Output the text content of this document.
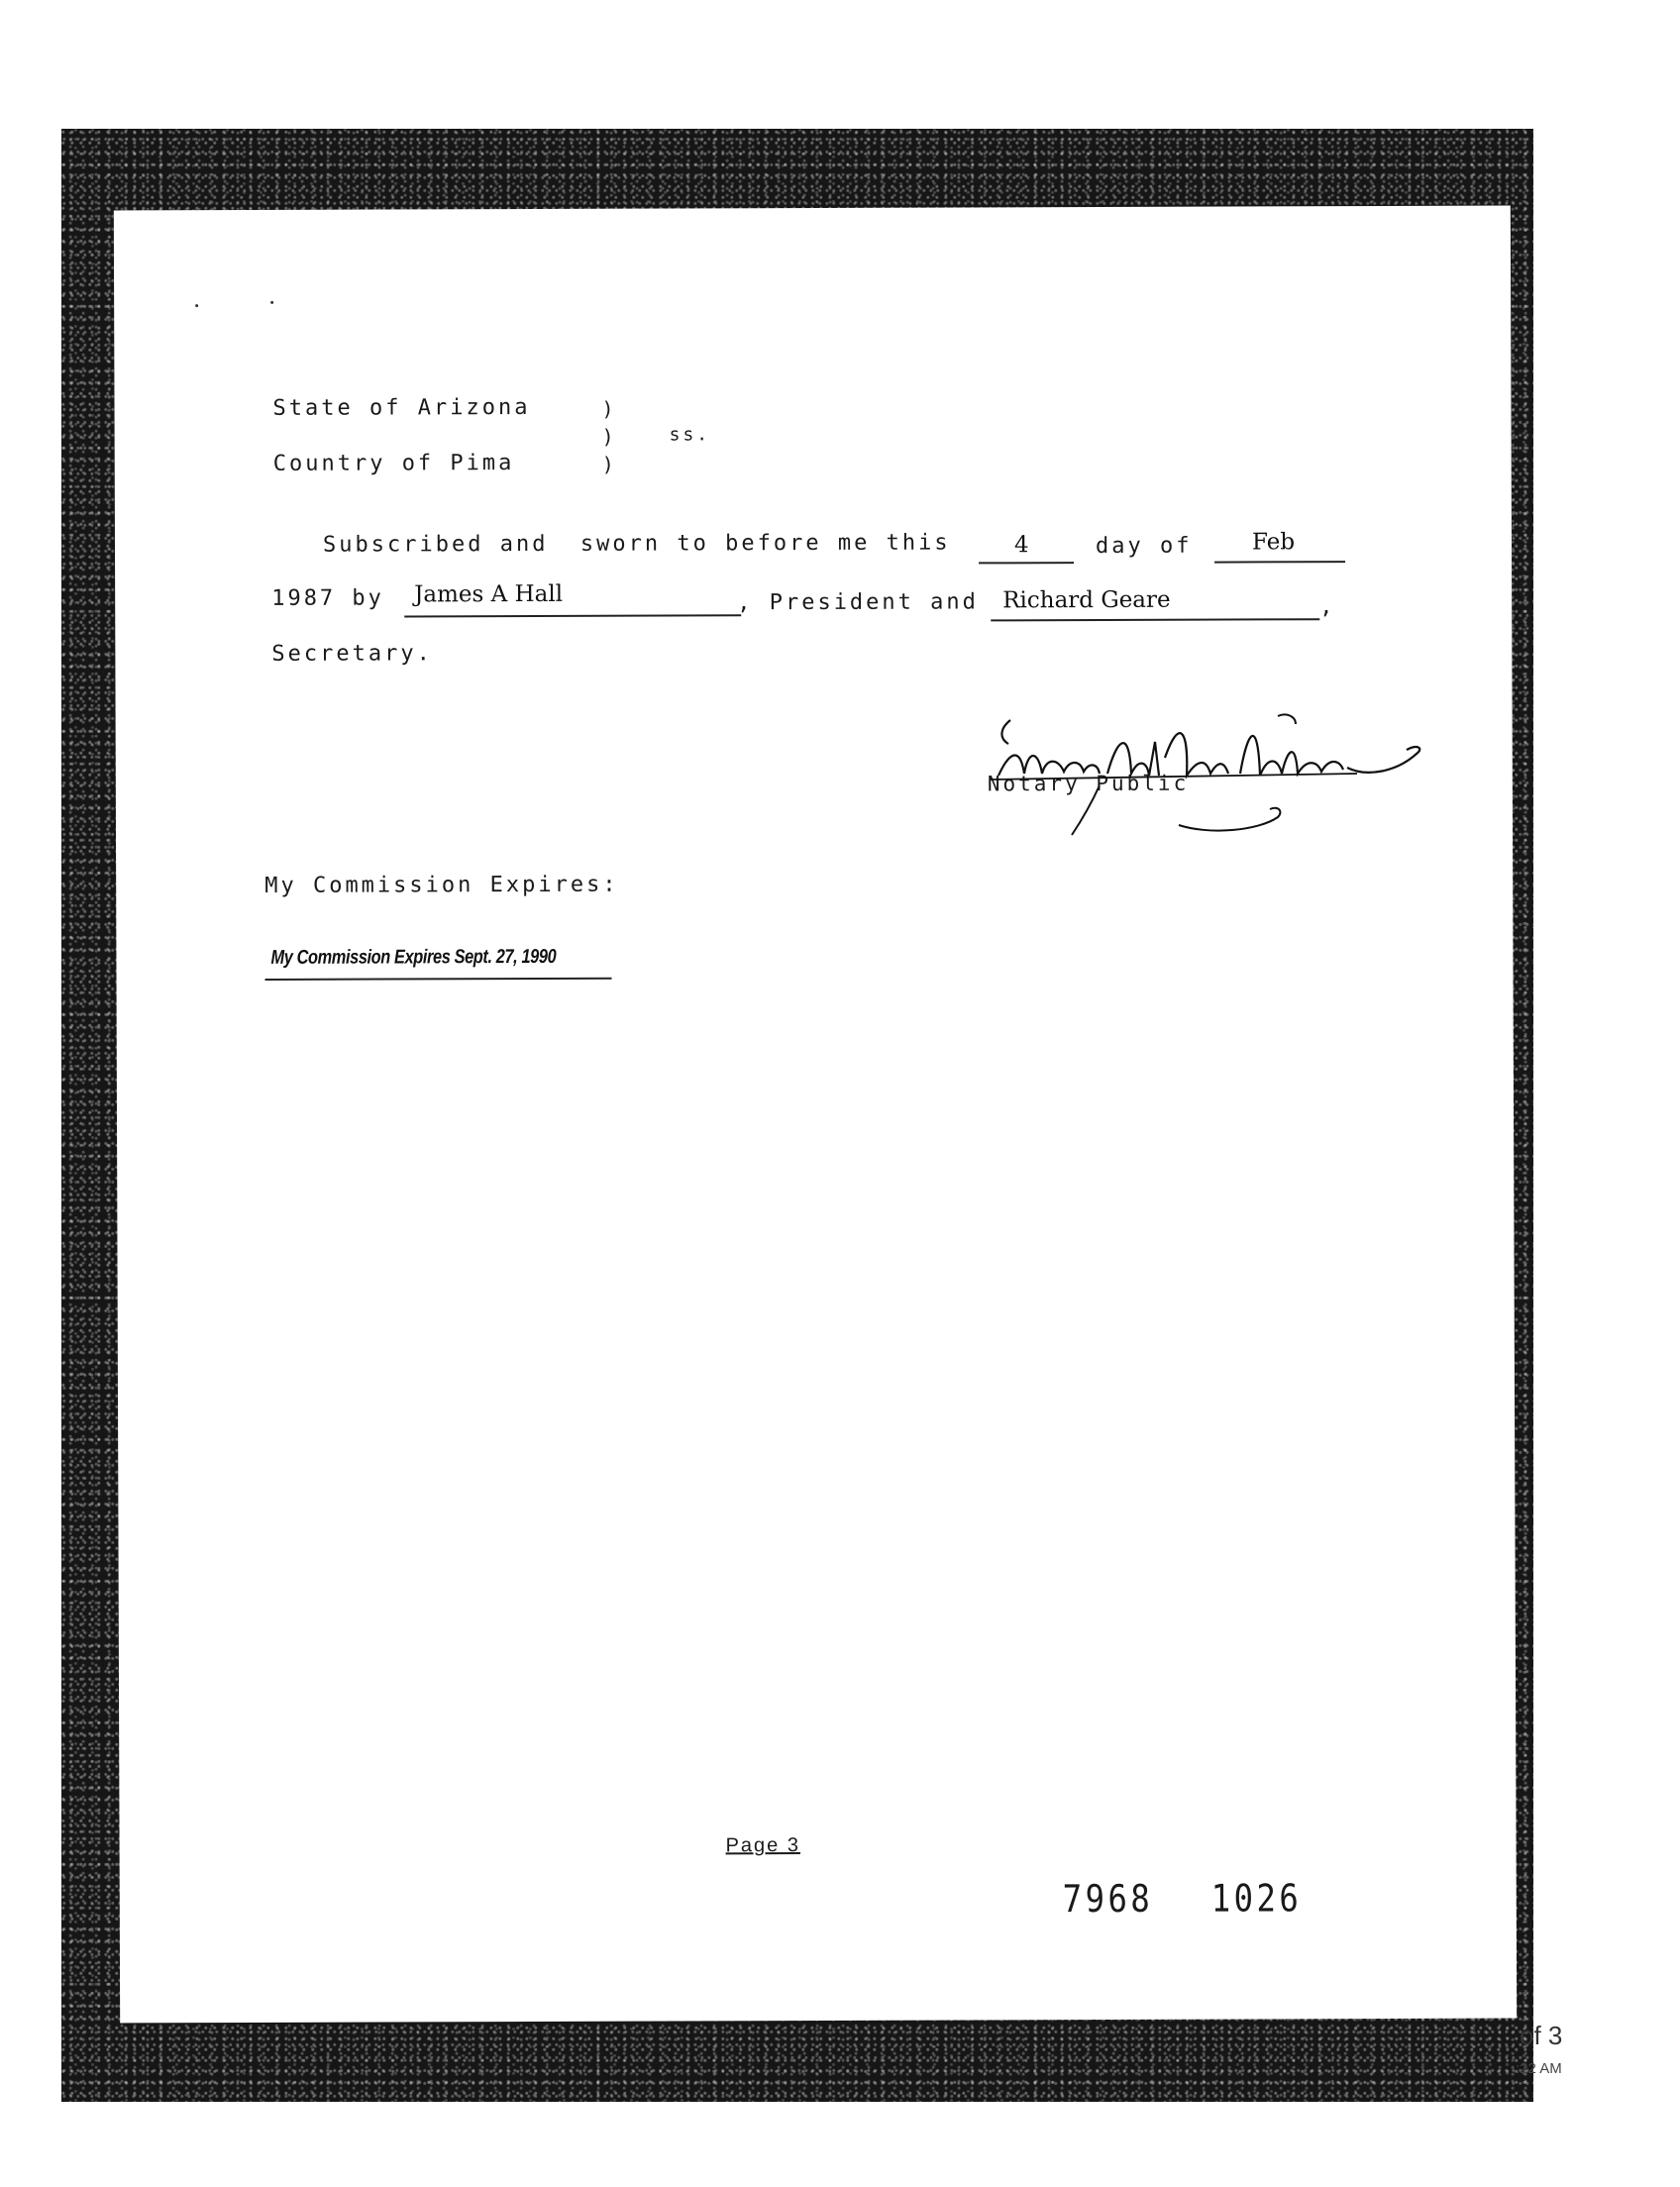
State of Arizona	)
)
)
ss.
Country of Pima
Subscribed and  sworn to before me this	4	day of	Feb
1987 by James A Hall	, President and Richard Geare	,
Secretary.
Notary Public
My Commission Expires:
My Commission Expires Sept. 27, 1990
Page 3
7968 1026
D
D
of 3
:22 AM
